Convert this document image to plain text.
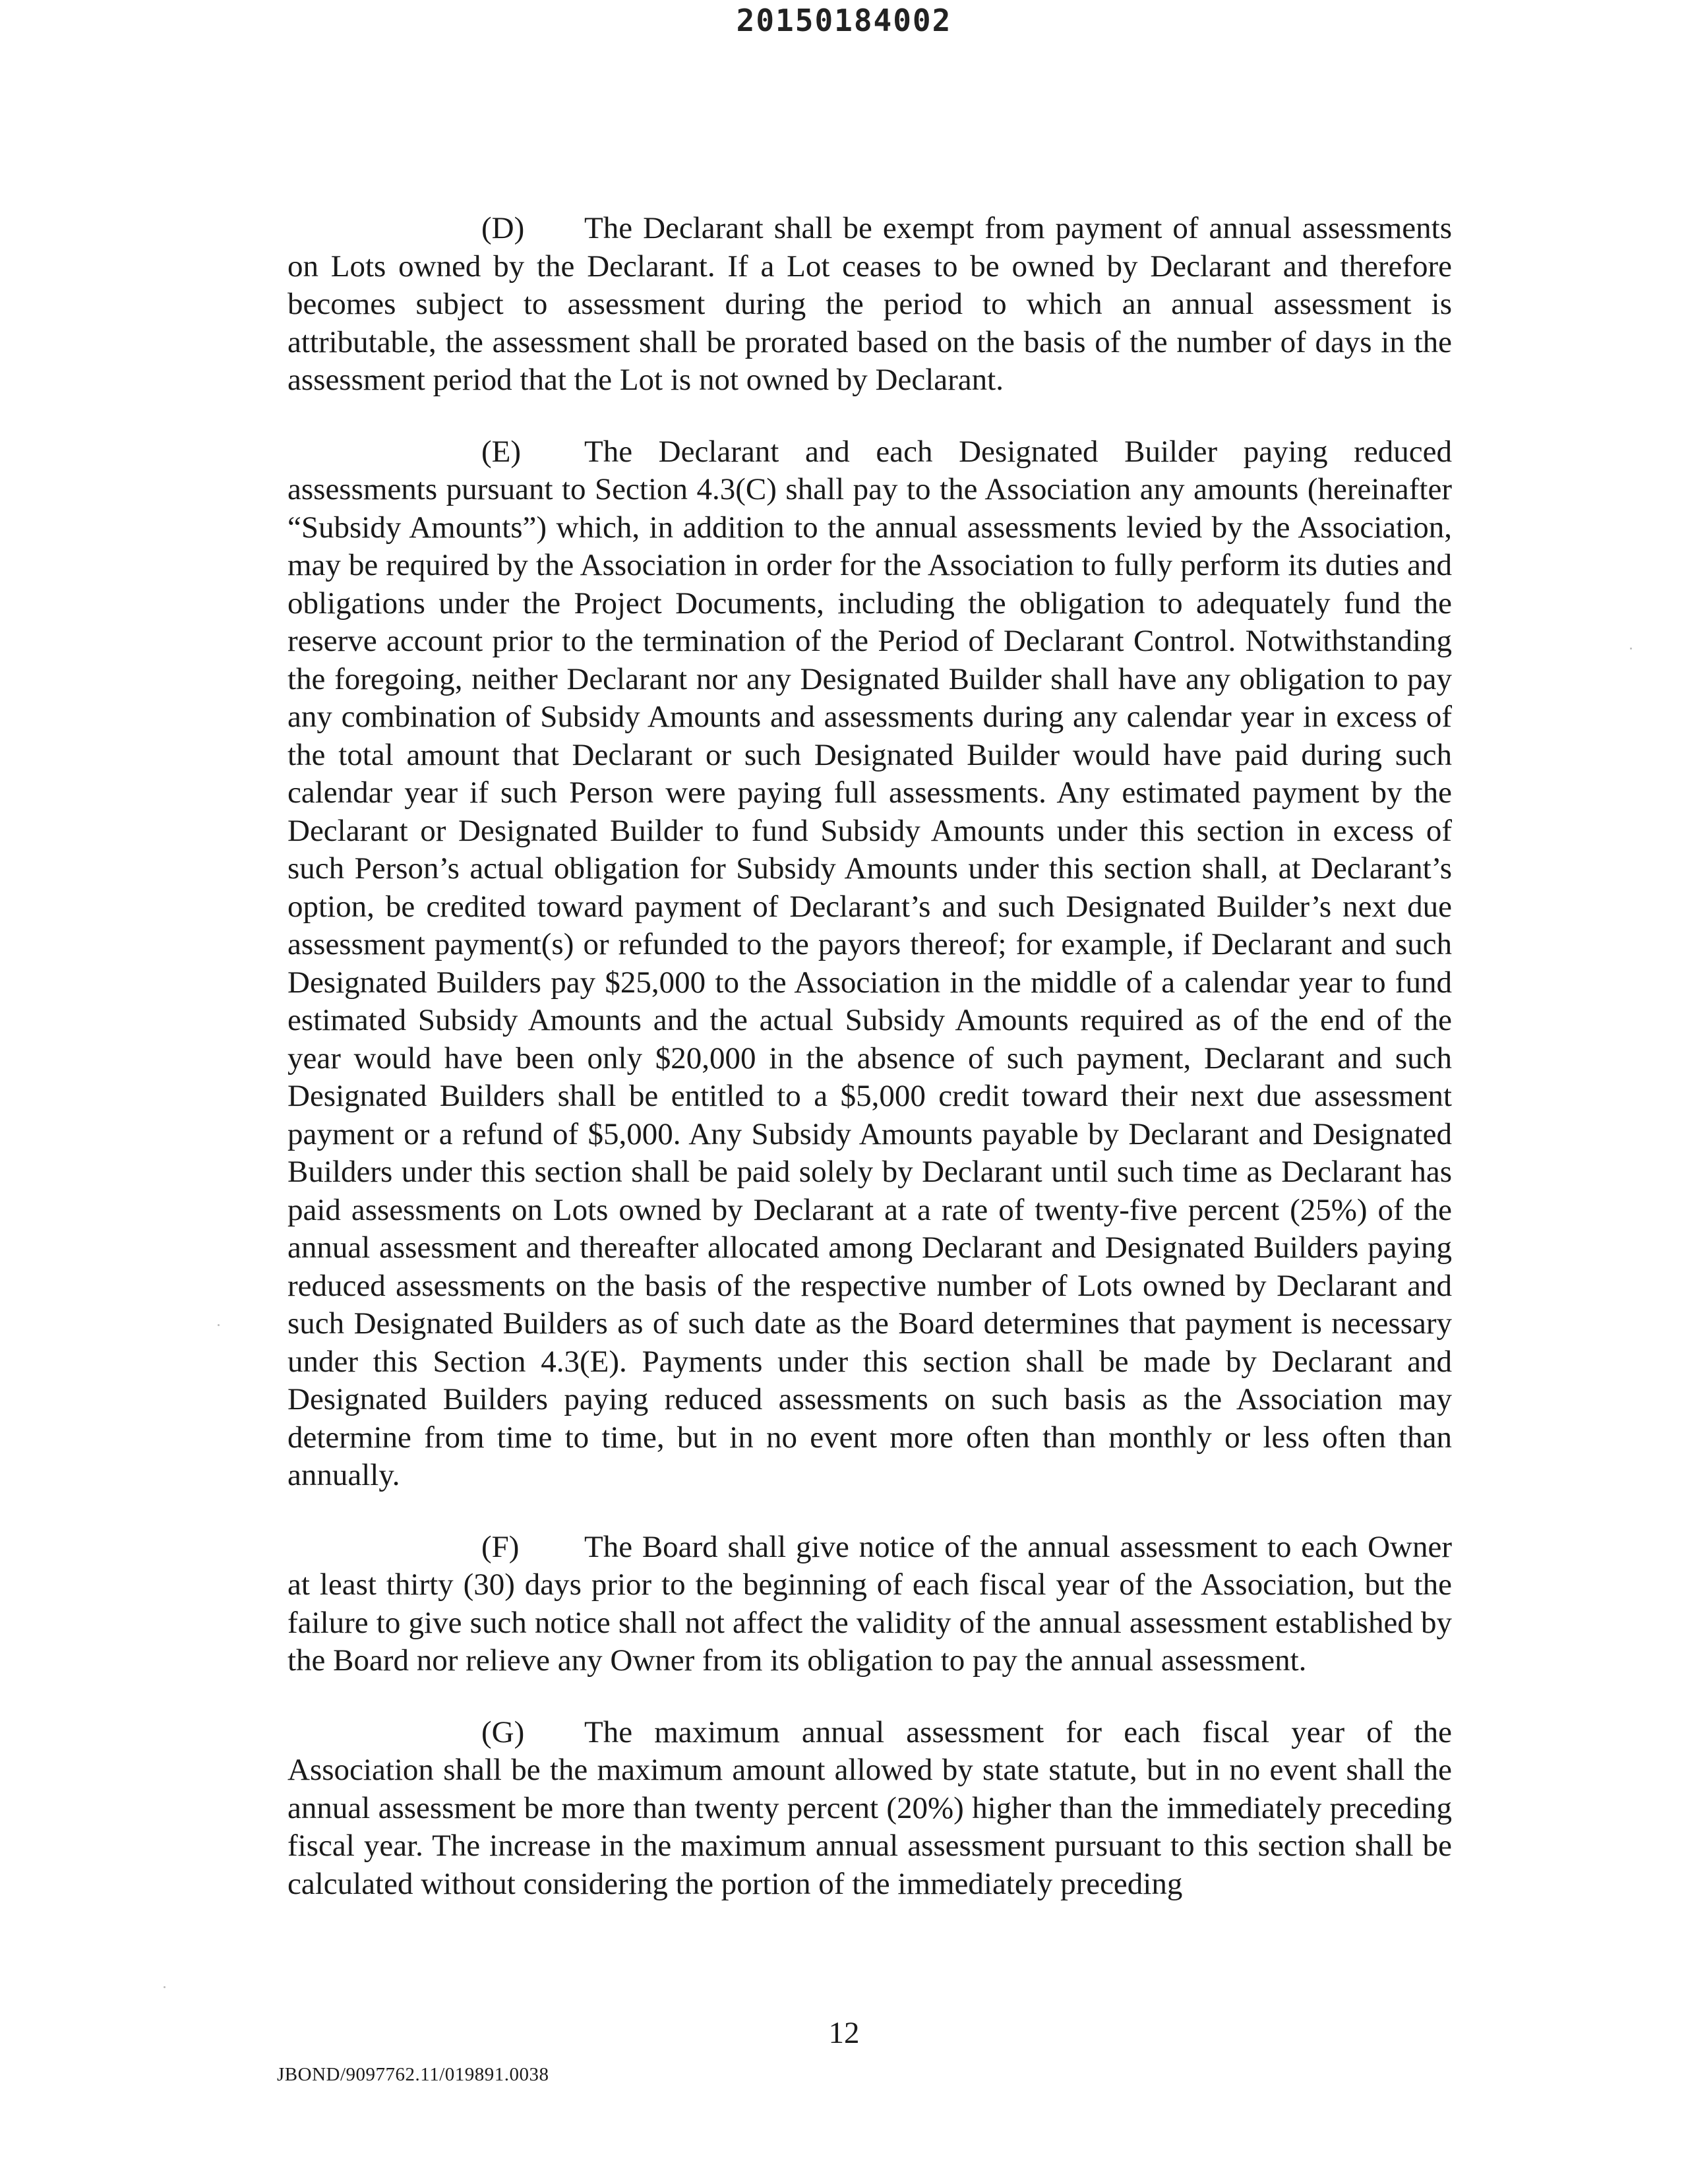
20150184002

(D) The Declarant shall be exempt from payment of annual assessments on Lots owned by the Declarant. If a Lot ceases to be owned by Declarant and therefore becomes subject to assessment during the period to which an annual assessment is attributable, the assessment shall be prorated based on the basis of the number of days in the assessment period that the Lot is not owned by Declarant.

(E) The Declarant and each Designated Builder paying reduced assessments pursuant to Section 4.3(C) shall pay to the Association any amounts (hereinafter “Subsidy Amounts”) which, in addition to the annual assessments levied by the Association, may be required by the Association in order for the Association to fully perform its duties and obligations under the Project Documents, including the obligation to adequately fund the reserve account prior to the termination of the Period of Declarant Control. Notwithstanding the foregoing, neither Declarant nor any Designated Builder shall have any obligation to pay any combination of Subsidy Amounts and assessments during any calendar year in excess of the total amount that Declarant or such Designated Builder would have paid during such calendar year if such Person were paying full assessments. Any estimated payment by the Declarant or Designated Builder to fund Subsidy Amounts under this section in excess of such Person’s actual obligation for Subsidy Amounts under this section shall, at Declarant’s option, be credited toward payment of Declarant’s and such Designated Builder’s next due assessment payment(s) or refunded to the payors thereof; for example, if Declarant and such Designated Builders pay $25,000 to the Association in the middle of a calendar year to fund estimated Subsidy Amounts and the actual Subsidy Amounts required as of the end of the year would have been only $20,000 in the absence of such payment, Declarant and such Designated Builders shall be entitled to a $5,000 credit toward their next due assessment payment or a refund of $5,000. Any Subsidy Amounts payable by Declarant and Designated Builders under this section shall be paid solely by Declarant until such time as Declarant has paid assessments on Lots owned by Declarant at a rate of twenty-five percent (25%) of the annual assessment and thereafter allocated among Declarant and Designated Builders paying reduced assessments on the basis of the respective number of Lots owned by Declarant and such Designated Builders as of such date as the Board determines that payment is necessary under this Section 4.3(E). Payments under this section shall be made by Declarant and Designated Builders paying reduced assessments on such basis as the Association may determine from time to time, but in no event more often than monthly or less often than annually.

(F) The Board shall give notice of the annual assessment to each Owner at least thirty (30) days prior to the beginning of each fiscal year of the Association, but the failure to give such notice shall not affect the validity of the annual assessment established by the Board nor relieve any Owner from its obligation to pay the annual assessment.

(G) The maximum annual assessment for each fiscal year of the Association shall be the maximum amount allowed by state statute, but in no event shall the annual assessment be more than twenty percent (20%) higher than the immediately preceding fiscal year. The increase in the maximum annual assessment pursuant to this section shall be calculated without considering the portion of the immediately preceding

12
JBOND/9097762.11/019891.0038
